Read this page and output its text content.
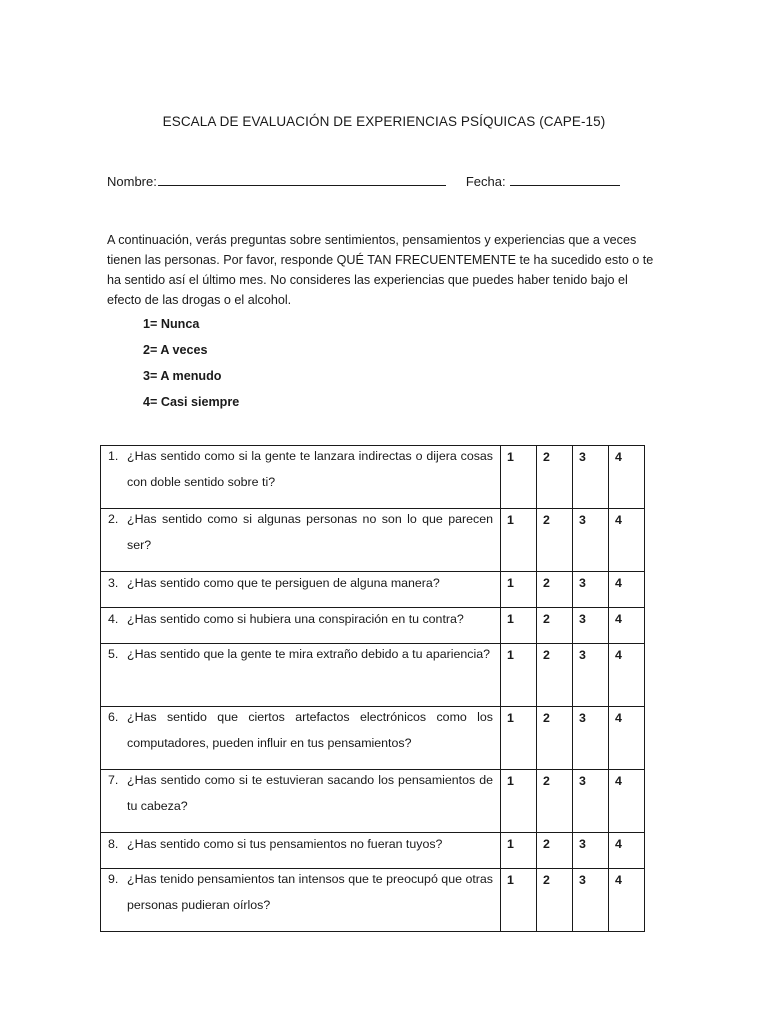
ESCALA DE EVALUACIÓN DE EXPERIENCIAS PSÍQUICAS (CAPE-15)
Nombre:	Fecha:
A continuación, verás preguntas sobre sentimientos, pensamientos y experiencias que a veces tienen las personas. Por favor, responde QUÉ TAN FRECUENTEMENTE te ha sucedido esto o te ha sentido así el último mes. No consideres las experiencias que puedes haber tenido bajo el efecto de las drogas o el alcohol.
1= Nunca
2= A veces
3= A menudo
4= Casi siempre
1. ¿Has sentido como si la gente te lanzara indirectas o dijera cosas con doble sentido sobre ti?	1	2	3	4

2. ¿Has sentido como si algunas personas no son lo que parecen ser?	1	2	3	4

3. ¿Has sentido como que te persiguen de alguna manera?	1	2	3	4

4. ¿Has sentido como si hubiera una conspiración en tu contra?	1	2	3	4

5. ¿Has sentido que la gente te mira extraño debido a tu apariencia?	1	2	3	4

6. ¿Has sentido que ciertos artefactos electrónicos como los computadores, pueden influir en tus pensamientos?	1	2	3	4

7. ¿Has sentido como si te estuvieran sacando los pensamientos de tu cabeza?	1	2	3	4

8. ¿Has sentido como si tus pensamientos no fueran tuyos?	1	2	3	4

9. ¿Has tenido pensamientos tan intensos que te preocupó que otras personas pudieran oírlos?	1	2	3	4
